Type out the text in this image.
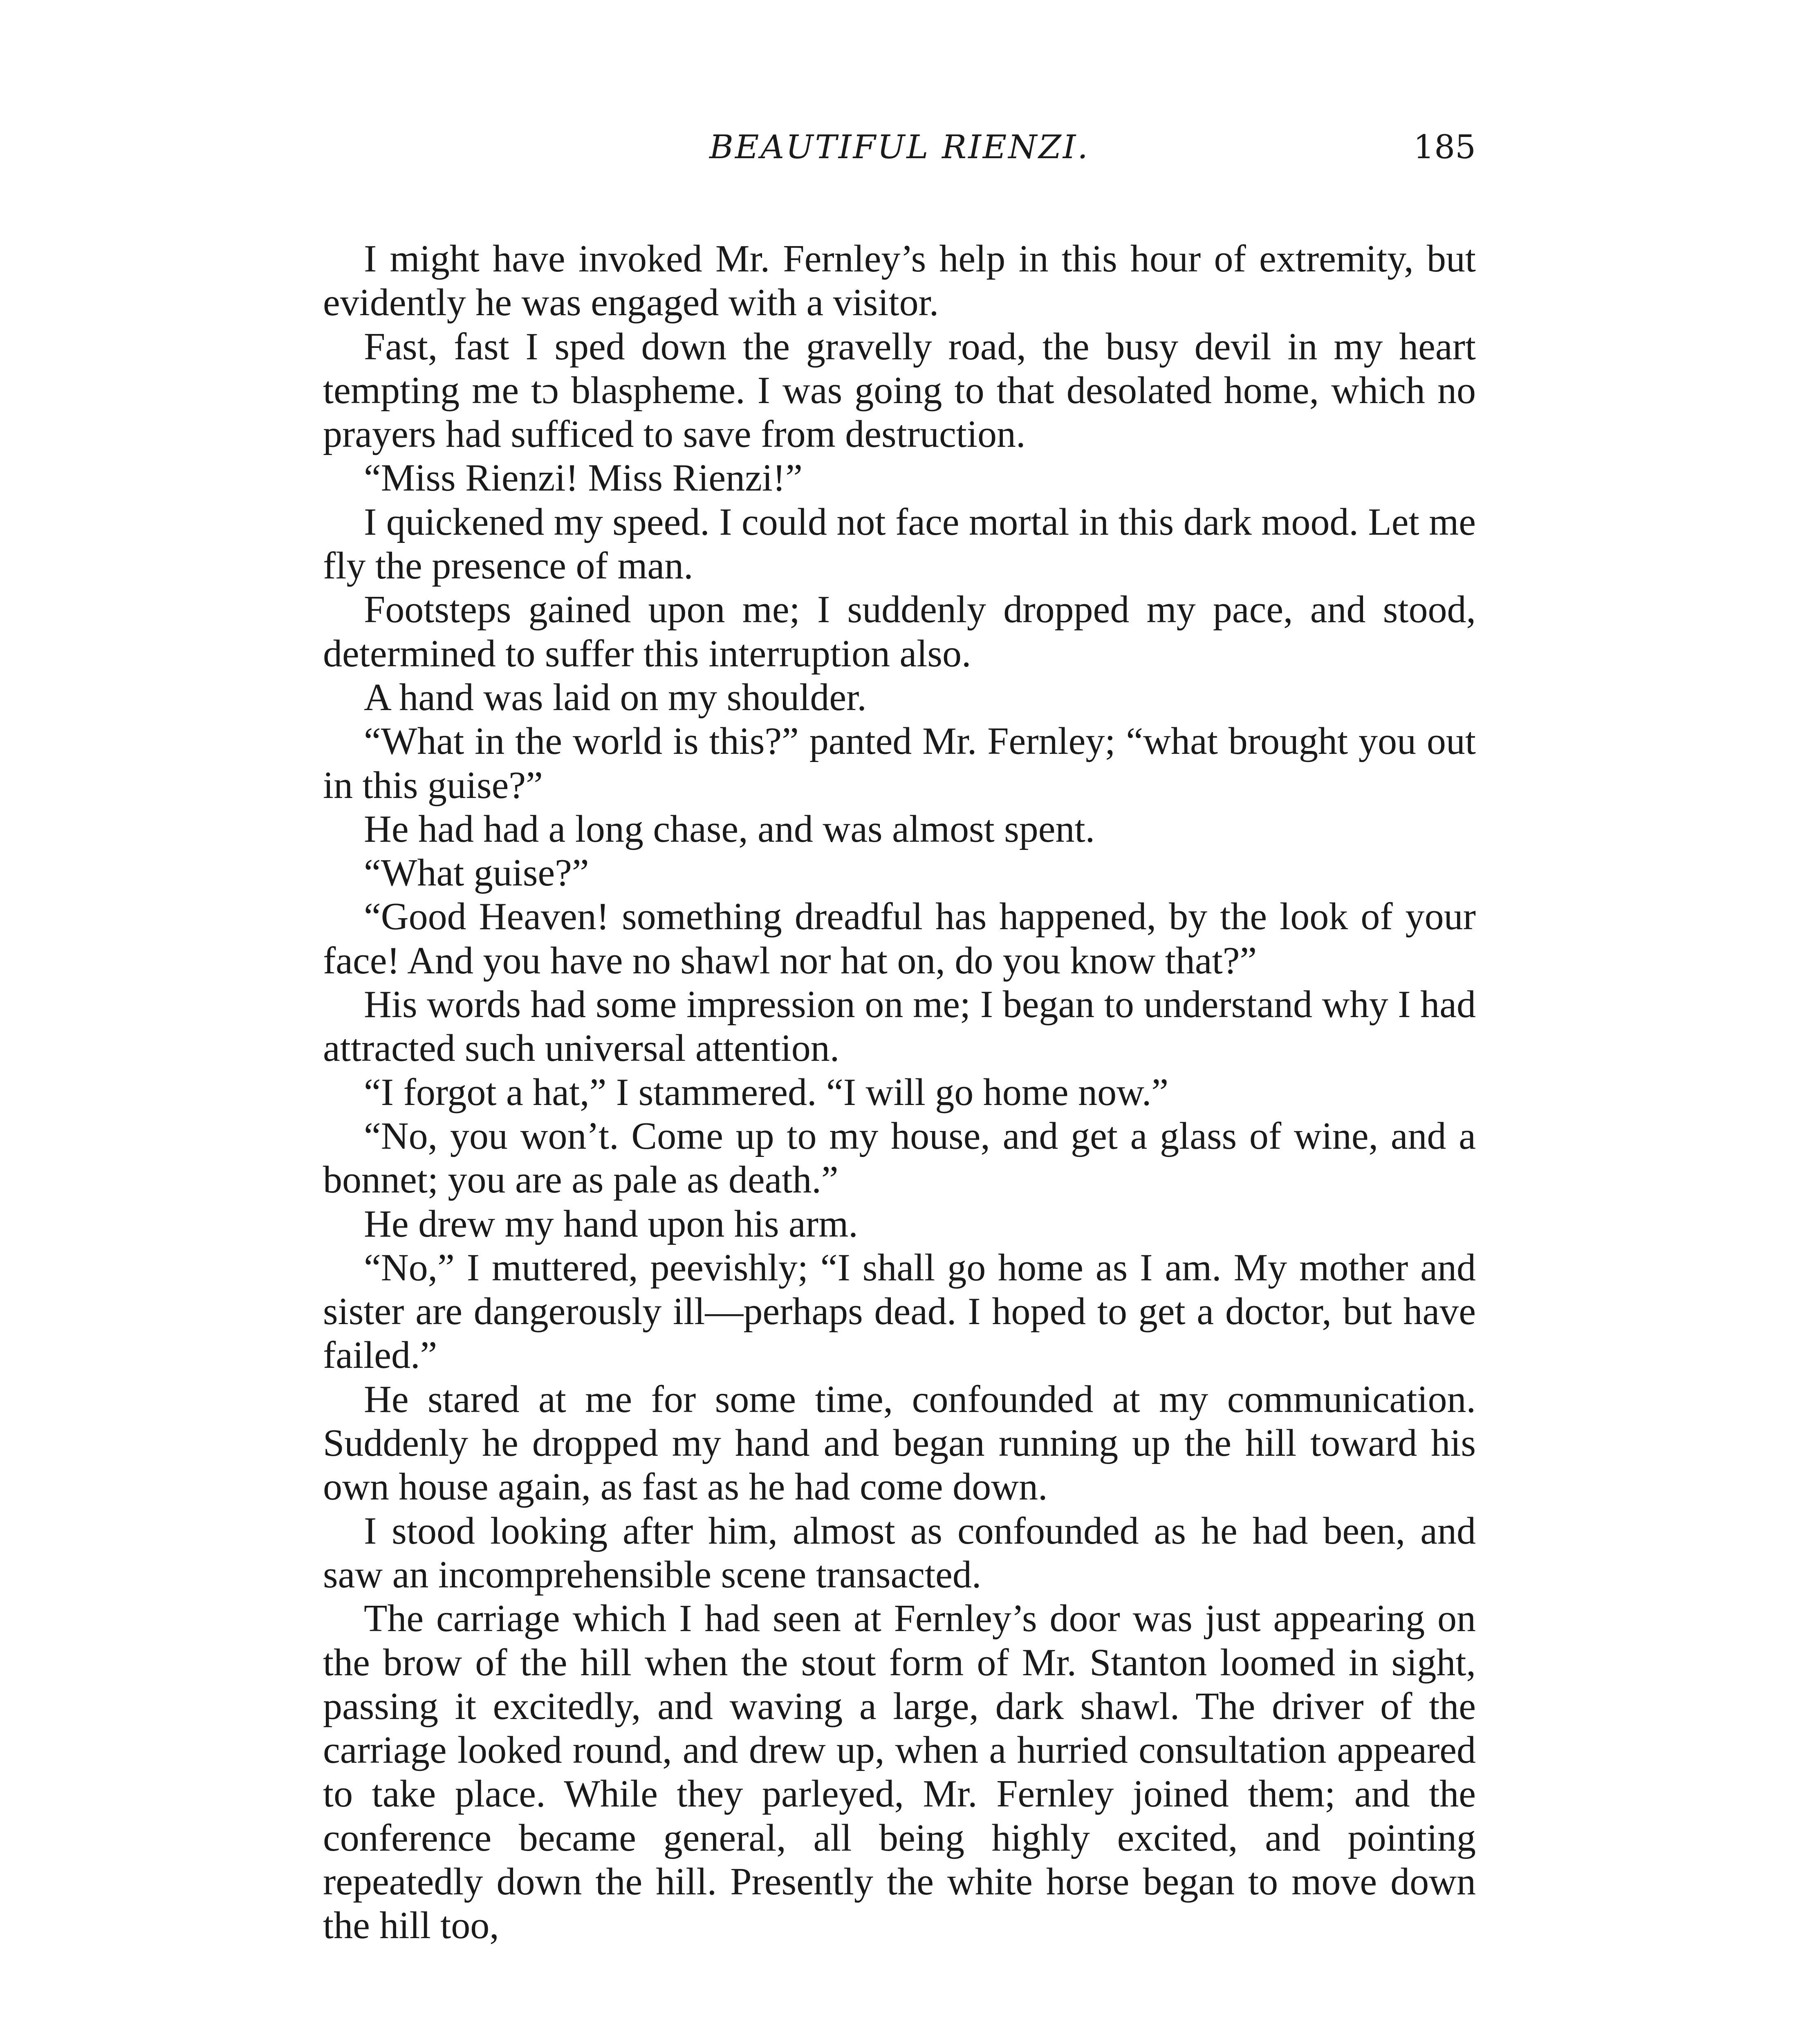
BEAUTIFUL RIENZI.	185

I might have invoked Mr. Fernley’s help in this hour of extremity, but evidently he was engaged with a visitor.

Fast, fast I sped down the gravelly road, the busy devil in my heart tempting me tɔ blaspheme. I was going to that desolated home, which no prayers had sufficed to save from destruction.

“Miss Rienzi! Miss Rienzi!”

I quickened my speed. I could not face mortal in this dark mood. Let me fly the presence of man.

Footsteps gained upon me; I suddenly dropped my pace, and stood, determined to suffer this interruption also.

A hand was laid on my shoulder.

“What in the world is this?” panted Mr. Fernley; “what brought you out in this guise?”

He had had a long chase, and was almost spent.

“What guise?”

“Good Heaven! something dreadful has happened, by the look of your face! And you have no shawl nor hat on, do you know that?”

His words had some impression on me; I began to understand why I had attracted such universal attention.

“I forgot a hat,” I stammered. “I will go home now.”

“No, you won’t. Come up to my house, and get a glass of wine, and a bonnet; you are as pale as death.”

He drew my hand upon his arm.

“No,” I muttered, peevishly; “I shall go home as I am. My mother and sister are dangerously ill—perhaps dead. I hoped to get a doctor, but have failed.”

He stared at me for some time, confounded at my communication. Suddenly he dropped my hand and began running up the hill toward his own house again, as fast as he had come down.

I stood looking after him, almost as confounded as he had been, and saw an incomprehensible scene transacted.

The carriage which I had seen at Fernley’s door was just appearing on the brow of the hill when the stout form of Mr. Stanton loomed in sight, passing it excitedly, and waving a large, dark shawl. The driver of the carriage looked round, and drew up, when a hurried consultation appeared to take place. While they parleyed, Mr. Fernley joined them; and the conference became general, all being highly excited, and pointing repeatedly down the hill. Presently the white horse began to move down the hill too,
